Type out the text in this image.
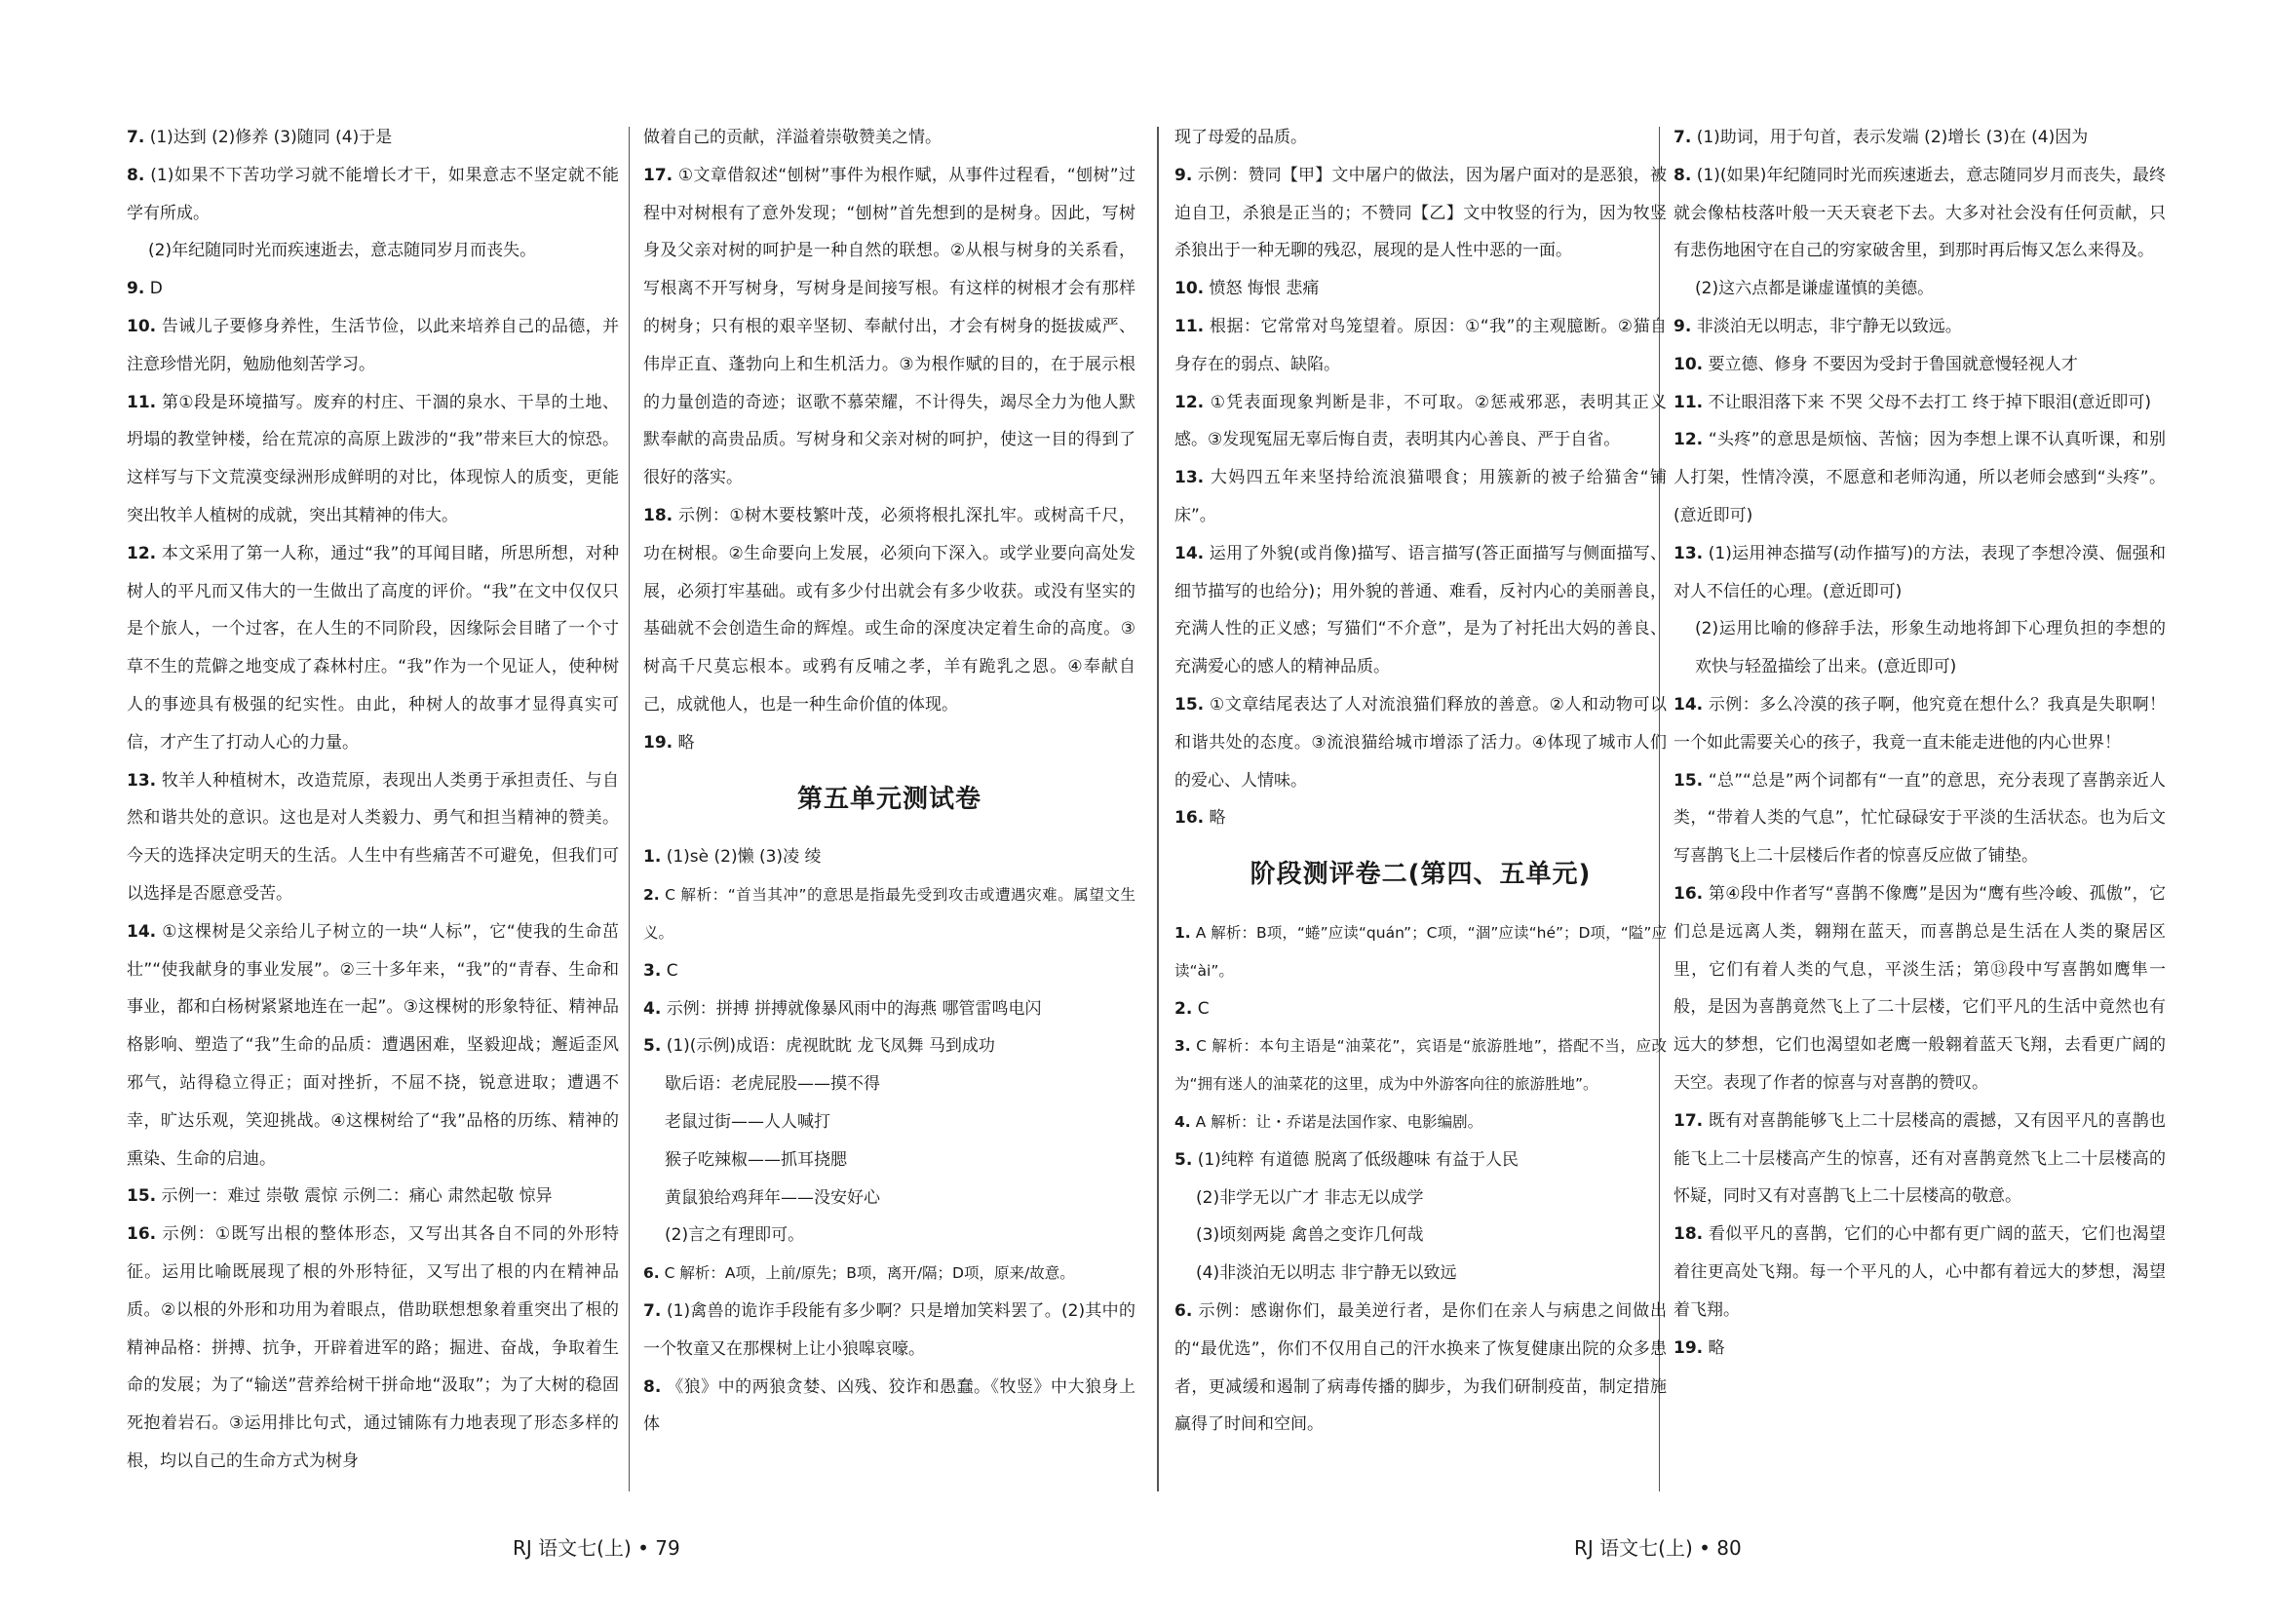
7. (1)达到 (2)修养 (3)随同 (4)于是

8. (1)如果不下苦功学习就不能增长才干，如果意志不坚定就不能学有所成。

(2)年纪随同时光而疾速逝去，意志随同岁月而丧失。

9. D

10. 告诫儿子要修身养性，生活节俭，以此来培养自己的品德，并注意珍惜光阴，勉励他刻苦学习。

11. 第①段是环境描写。废弃的村庄、干涸的泉水、干旱的土地、坍塌的教堂钟楼，给在荒凉的高原上跋涉的“我”带来巨大的惊恐。这样写与下文荒漠变绿洲形成鲜明的对比，体现惊人的质变，更能突出牧羊人植树的成就，突出其精神的伟大。

12. 本文采用了第一人称，通过“我”的耳闻目睹，所思所想，对种树人的平凡而又伟大的一生做出了高度的评价。“我”在文中仅仅只是个旅人，一个过客，在人生的不同阶段，因缘际会目睹了一个寸草不生的荒僻之地变成了森林村庄。“我”作为一个见证人，使种树人的事迹具有极强的纪实性。由此，种树人的故事才显得真实可信，才产生了打动人心的力量。

13. 牧羊人种植树木，改造荒原，表现出人类勇于承担责任、与自然和谐共处的意识。这也是对人类毅力、勇气和担当精神的赞美。今天的选择决定明天的生活。人生中有些痛苦不可避免，但我们可以选择是否愿意受苦。

14. ①这棵树是父亲给儿子树立的一块“人标”，它“使我的生命茁壮”“使我献身的事业发展”。②三十多年来，“我”的“青春、生命和事业，都和白杨树紧紧地连在一起”。③这棵树的形象特征、精神品格影响、塑造了“我”生命的品质：遭遇困难，坚毅迎战；邂逅歪风邪气，站得稳立得正；面对挫折，不屈不挠，锐意进取；遭遇不幸，旷达乐观，笑迎挑战。④这棵树给了“我”品格的历练、精神的熏染、生命的启迪。

15. 示例一：难过 崇敬 震惊 示例二：痛心 肃然起敬 惊异

16. 示例：①既写出根的整体形态，又写出其各自不同的外形特征。运用比喻既展现了根的外形特征，又写出了根的内在精神品质。②以根的外形和功用为着眼点，借助联想想象着重突出了根的精神品格：拼搏、抗争，开辟着进军的路；掘进、奋战，争取着生命的发展；为了“输送”营养给树干拼命地“汲取”；为了大树的稳固死抱着岩石。③运用排比句式，通过铺陈有力地表现了形态多样的根，均以自己的生命方式为树身

做着自己的贡献，洋溢着崇敬赞美之情。

17. ①文章借叙述“刨树”事件为根作赋，从事件过程看，“刨树”过程中对树根有了意外发现；“刨树”首先想到的是树身。因此，写树身及父亲对树的呵护是一种自然的联想。②从根与树身的关系看，写根离不开写树身，写树身是间接写根。有这样的树根才会有那样的树身；只有根的艰辛坚韧、奉献付出，才会有树身的挺拔威严、伟岸正直、蓬勃向上和生机活力。③为根作赋的目的，在于展示根的力量创造的奇迹；讴歌不慕荣耀，不计得失，竭尽全力为他人默默奉献的高贵品质。写树身和父亲对树的呵护，使这一目的得到了很好的落实。

18. 示例：①树木要枝繁叶茂，必须将根扎深扎牢。或树高千尺，功在树根。②生命要向上发展，必须向下深入。或学业要向高处发展，必须打牢基础。或有多少付出就会有多少收获。或没有坚实的基础就不会创造生命的辉煌。或生命的深度决定着生命的高度。③树高千尺莫忘根本。或鸦有反哺之孝，羊有跪乳之恩。④奉献自己，成就他人，也是一种生命价值的体现。

19. 略

第五单元测试卷

1. (1)sè (2)懒 (3)凌 绫

2. C 解析：“首当其冲”的意思是指最先受到攻击或遭遇灾难。属望文生义。

3. C

4. 示例：拼搏 拼搏就像暴风雨中的海燕 哪管雷鸣电闪

5. (1)(示例)成语：虎视眈眈 龙飞凤舞 马到成功

歇后语：老虎屁股——摸不得

老鼠过街——人人喊打

猴子吃辣椒——抓耳挠腮

黄鼠狼给鸡拜年——没安好心

(2)言之有理即可。

6. C 解析：A项，上前/原先；B项，离开/隔；D项，原来/故意。

7. (1)禽兽的诡诈手段能有多少啊？只是增加笑料罢了。(2)其中的一个牧童又在那棵树上让小狼嗥哀嚎。

8. 《狼》中的两狼贪婪、凶残、狡诈和愚蠢。《牧竖》中大狼身上体

现了母爱的品质。

9. 示例：赞同【甲】文中屠户的做法，因为屠户面对的是恶狼，被迫自卫，杀狼是正当的；不赞同【乙】文中牧竖的行为，因为牧竖杀狼出于一种无聊的残忍，展现的是人性中恶的一面。

10. 愤怒 悔恨 悲痛

11. 根据：它常常对鸟笼望着。原因：①“我”的主观臆断。②猫自身存在的弱点、缺陷。

12. ①凭表面现象判断是非，不可取。②惩戒邪恶，表明其正义感。③发现冤屈无辜后悔自责，表明其内心善良、严于自省。

13. 大妈四五年来坚持给流浪猫喂食；用簇新的被子给猫舍“铺床”。

14. 运用了外貌(或肖像)描写、语言描写(答正面描写与侧面描写、细节描写的也给分)；用外貌的普通、难看，反衬内心的美丽善良，充满人性的正义感；写猫们“不介意”，是为了衬托出大妈的善良、充满爱心的感人的精神品质。

15. ①文章结尾表达了人对流浪猫们释放的善意。②人和动物可以和谐共处的态度。③流浪猫给城市增添了活力。④体现了城市人们的爱心、人情味。

16. 略

阶段测评卷二(第四、五单元)

1. A 解析：B项，“蜷”应读“quán”；C项，“涸”应读“hé”；D项，“隘”应读“ài”。

2. C

3. C 解析：本句主语是“油菜花”，宾语是“旅游胜地”，搭配不当，应改为“拥有迷人的油菜花的这里，成为中外游客向往的旅游胜地”。

4. A 解析：让・乔诺是法国作家、电影编剧。

5. (1)纯粹 有道德 脱离了低级趣味 有益于人民

(2)非学无以广才 非志无以成学

(3)顷刻两毙 禽兽之变诈几何哉

(4)非淡泊无以明志 非宁静无以致远

6. 示例：感谢你们，最美逆行者，是你们在亲人与病患之间做出的“最优选”，你们不仅用自己的汗水换来了恢复健康出院的众多患者，更减缓和遏制了病毒传播的脚步，为我们研制疫苗，制定措施赢得了时间和空间。

7. (1)助词，用于句首，表示发端 (2)增长 (3)在 (4)因为

8. (1)(如果)年纪随同时光而疾速逝去，意志随同岁月而丧失，最终就会像枯枝落叶般一天天衰老下去。大多对社会没有任何贡献，只有悲伤地困守在自己的穷家破舍里，到那时再后悔又怎么来得及。

(2)这六点都是谦虚谨慎的美德。

9. 非淡泊无以明志，非宁静无以致远。

10. 要立德、修身 不要因为受封于鲁国就意慢轻视人才

11. 不让眼泪落下来 不哭 父母不去打工 终于掉下眼泪(意近即可)

12. “头疼”的意思是烦恼、苦恼；因为李想上课不认真听课，和别人打架，性情冷漠，不愿意和老师沟通，所以老师会感到“头疼”。(意近即可)

13. (1)运用神态描写(动作描写)的方法，表现了李想冷漠、倔强和对人不信任的心理。(意近即可)

(2)运用比喻的修辞手法，形象生动地将卸下心理负担的李想的欢快与轻盈描绘了出来。(意近即可)

14. 示例：多么冷漠的孩子啊，他究竟在想什么？我真是失职啊！一个如此需要关心的孩子，我竟一直未能走进他的内心世界！

15. “总”“总是”两个词都有“一直”的意思，充分表现了喜鹊亲近人类，“带着人类的气息”，忙忙碌碌安于平淡的生活状态。也为后文写喜鹊飞上二十层楼后作者的惊喜反应做了铺垫。

16. 第④段中作者写“喜鹊不像鹰”是因为“鹰有些冷峻、孤傲”，它们总是远离人类，翱翔在蓝天，而喜鹊总是生活在人类的聚居区里，它们有着人类的气息，平淡生活；第⑬段中写喜鹊如鹰隼一般，是因为喜鹊竟然飞上了二十层楼，它们平凡的生活中竟然也有远大的梦想，它们也渴望如老鹰一般翱着蓝天飞翔，去看更广阔的天空。表现了作者的惊喜与对喜鹊的赞叹。

17. 既有对喜鹊能够飞上二十层楼高的震撼，又有因平凡的喜鹊也能飞上二十层楼高产生的惊喜，还有对喜鹊竟然飞上二十层楼高的怀疑，同时又有对喜鹊飞上二十层楼高的敬意。

18. 看似平凡的喜鹊，它们的心中都有更广阔的蓝天，它们也渴望着往更高处飞翔。每一个平凡的人，心中都有着远大的梦想，渴望着飞翔。

19. 略

RJ 语文七(上) • 79	RJ 语文七(上) • 80
